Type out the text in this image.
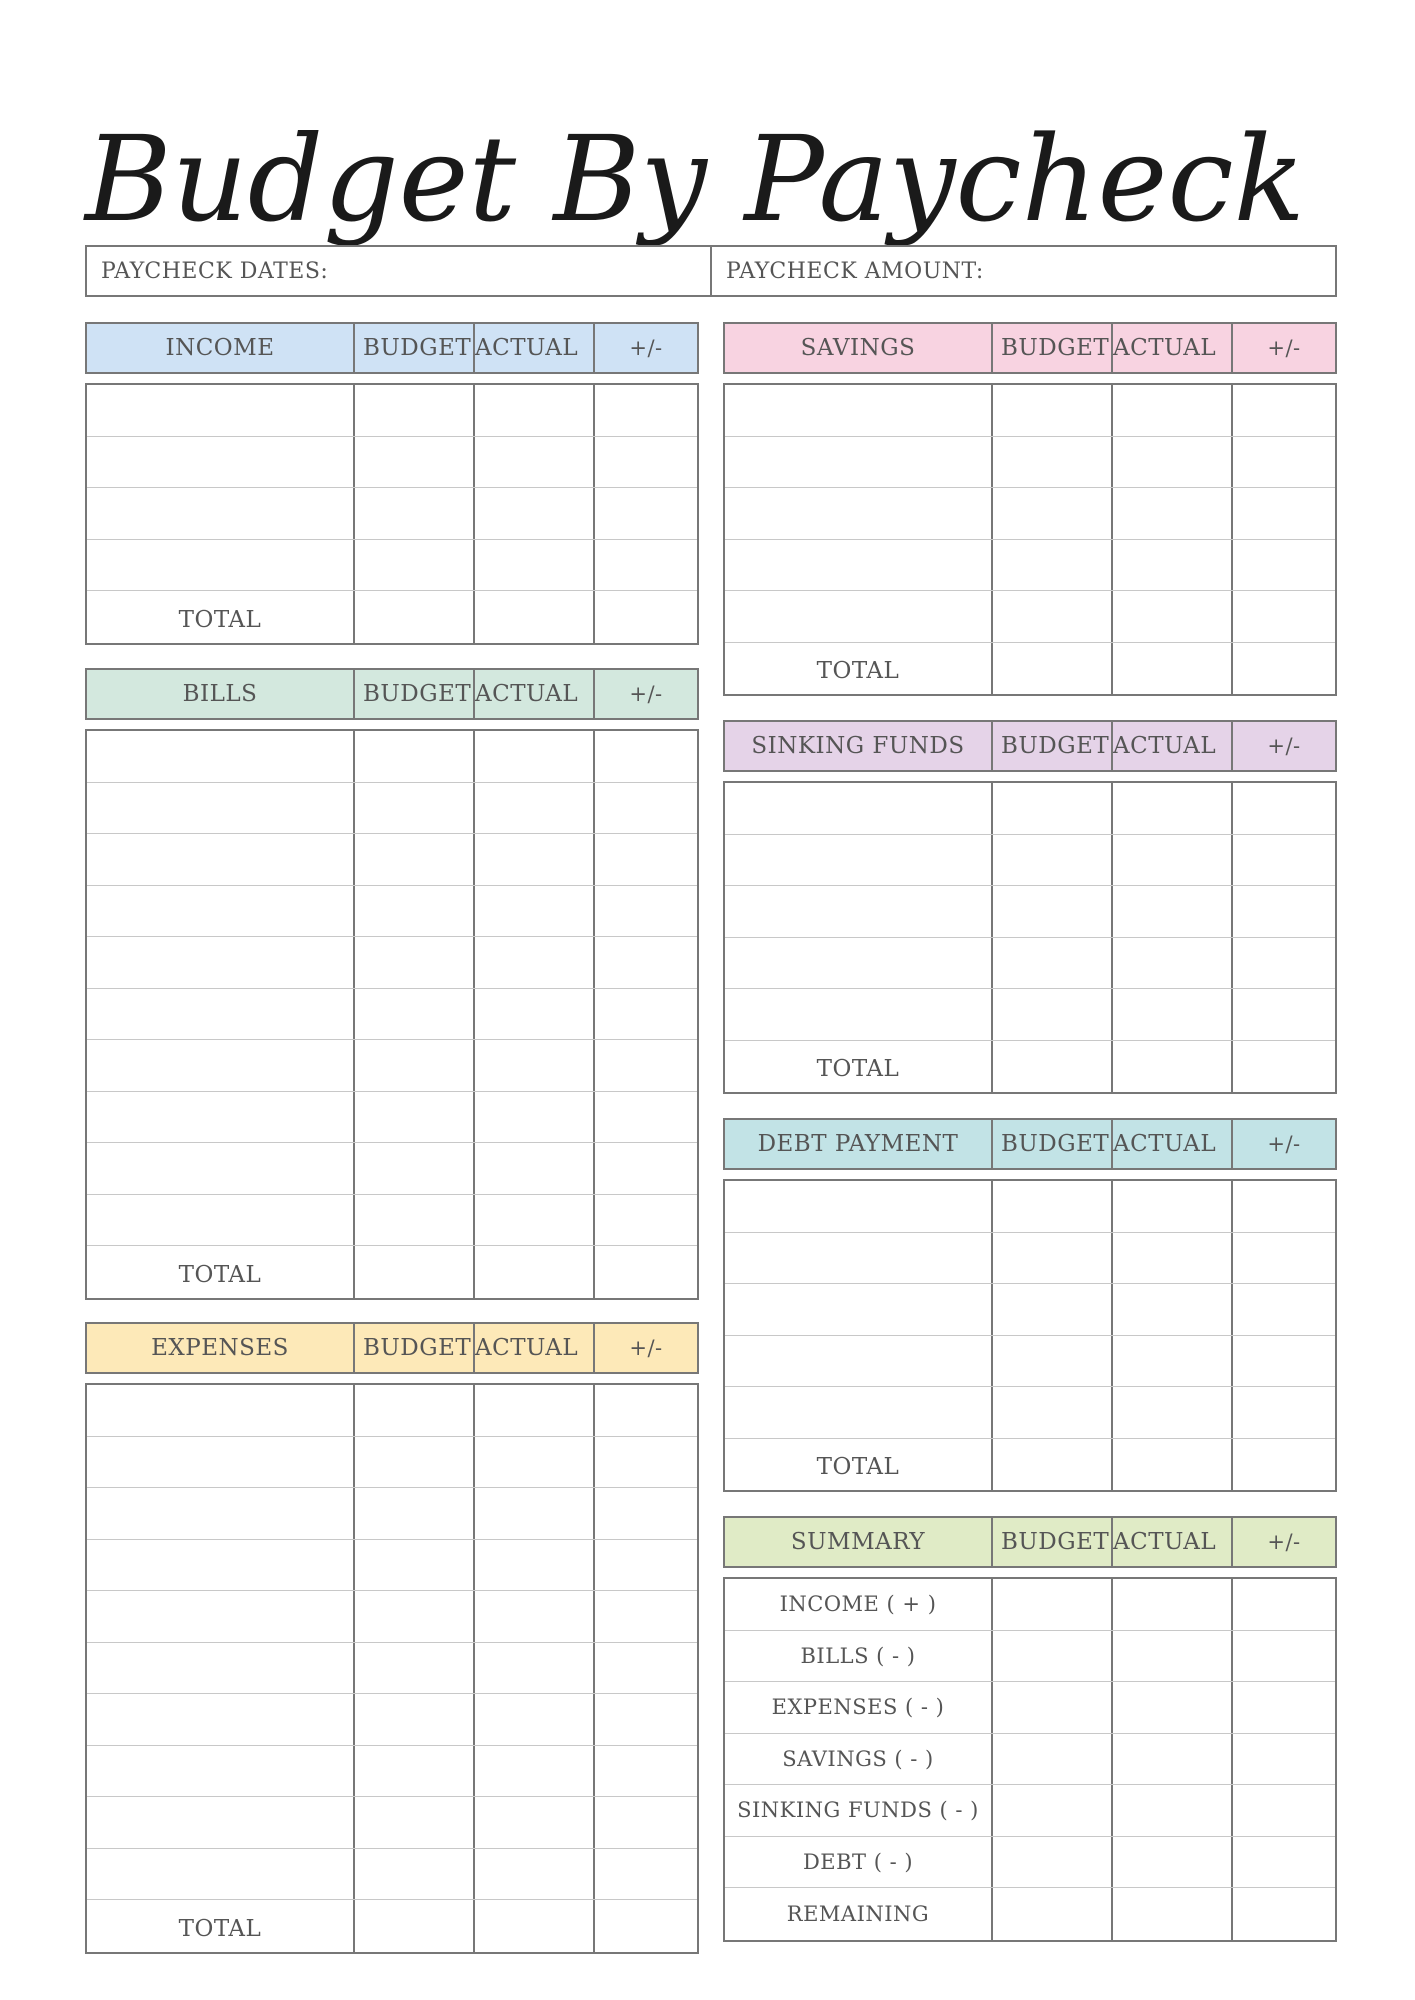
Budget By Paycheck
PAYCHECK DATES:	PAYCHECK AMOUNT:
INCOME	BUDGET ACTUAL	+/-
TOTAL
BILLS	BUDGET ACTUAL	+/-
TOTAL
EXPENSES	BUDGET ACTUAL	+/-
TOTAL
SAVINGS	BUDGET ACTUAL	+/-
TOTAL
SINKING FUNDS	BUDGET ACTUAL	+/-
TOTAL
DEBT PAYMENT	BUDGET ACTUAL	+/-
TOTAL
SUMMARY	BUDGET ACTUAL	+/-
INCOME ( + )
BILLS ( - )
EXPENSES ( - )
SAVINGS ( - )
SINKING FUNDS ( - )
DEBT ( - )
REMAINING
